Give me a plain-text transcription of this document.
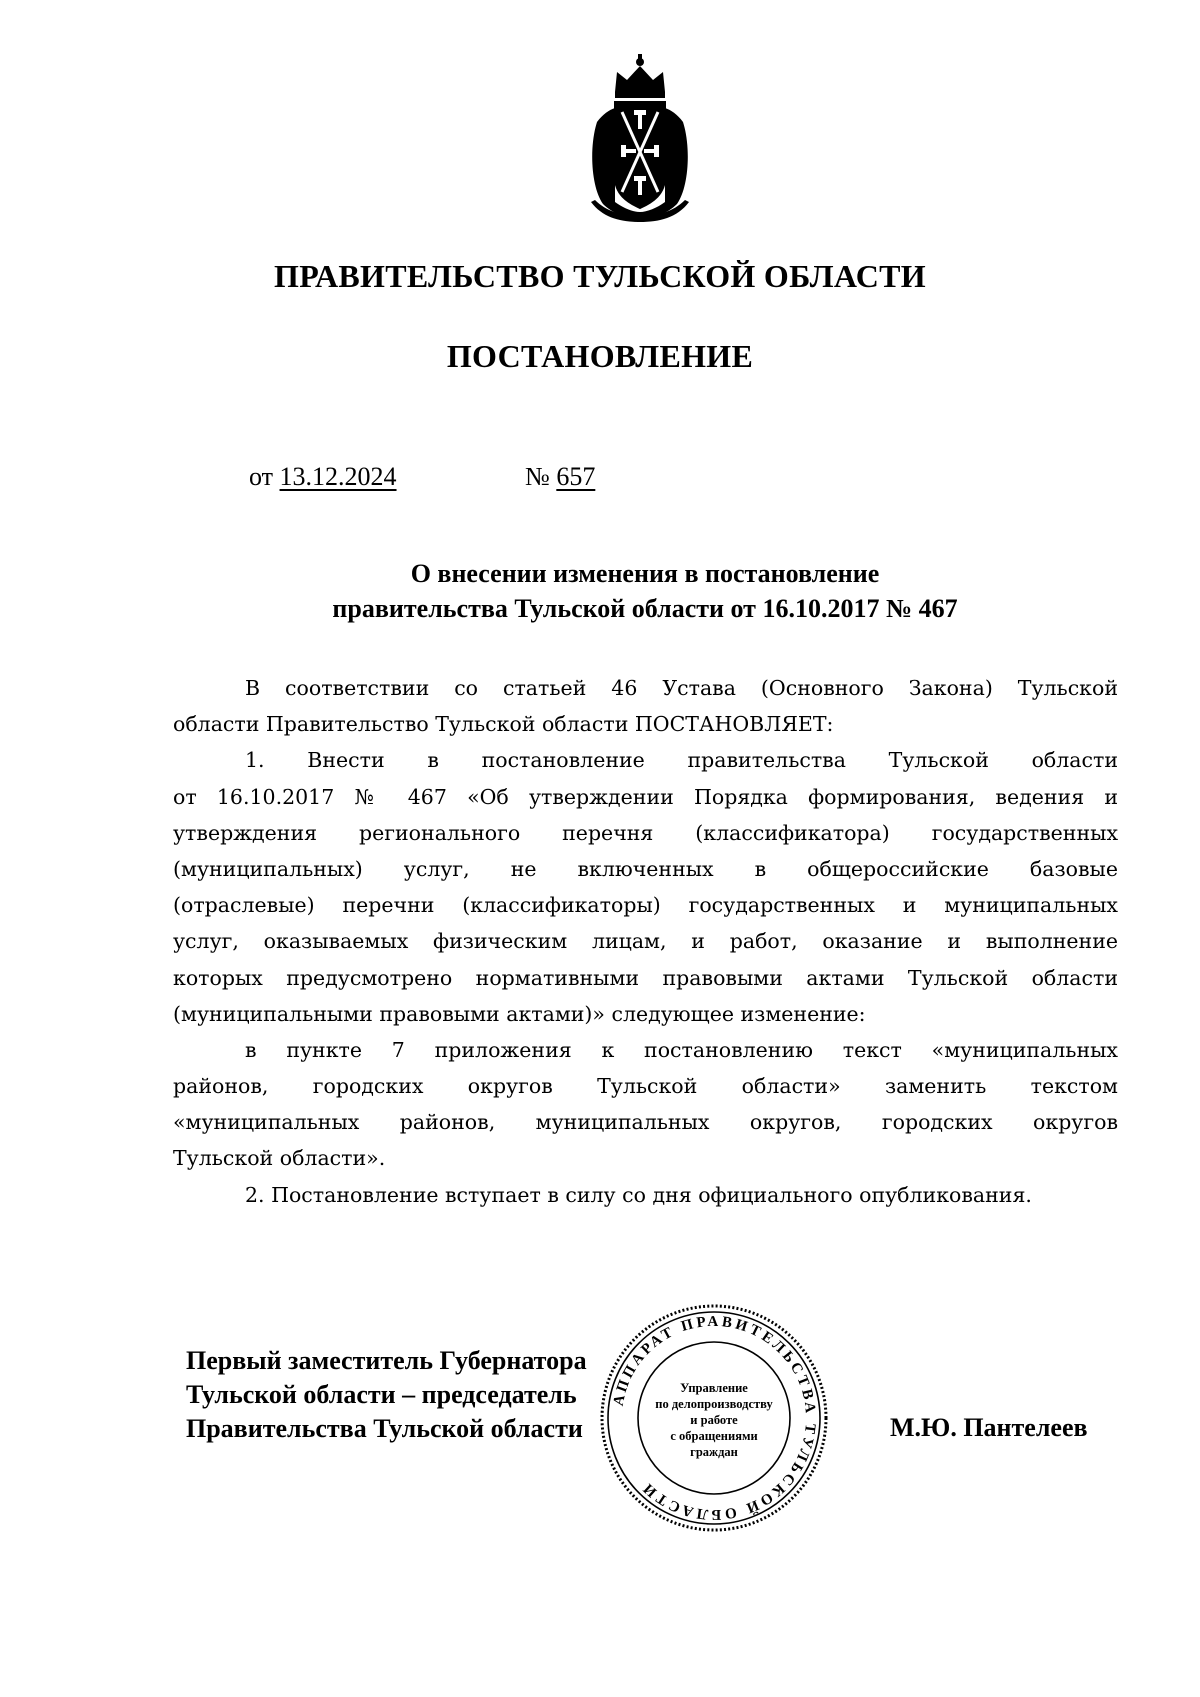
ПРАВИТЕЛЬСТВО ТУЛЬСКОЙ ОБЛАСТИ
ПОСТАНОВЛЕНИЕ
от 13.12.2024	№ 657
О внесении изменения в постановление
правительства Тульской области от 16.10.2017 № 467
В соответствии со статьей 46 Устава (Основного Закона) Тульской
области Правительство Тульской области ПОСТАНОВЛЯЕТ:
1. Внести в постановление правительства Тульской области
от 16.10.2017 № 467 «Об утверждении Порядка формирования, ведения и
утверждения регионального перечня (классификатора) государственных
(муниципальных) услуг, не включенных в общероссийские базовые
(отраслевые) перечни (классификаторы) государственных и муниципальных
услуг, оказываемых физическим лицам, и работ, оказание и выполнение
которых предусмотрено нормативными правовыми актами Тульской области
(муниципальными правовыми актами)» следующее изменение:
в пункте 7 приложения к постановлению текст «муниципальных
районов, городских округов Тульской области» заменить текстом
«муниципальных районов, муниципальных округов, городских округов
Тульской области».
2. Постановление вступает в силу со дня официального опубликования.
Первый заместитель Губернатора
Тульской области – председатель
Правительства Тульской области
АППАРАТ ПРАВИТЕЛЬСТВА ТУЛЬСКОЙ ОБЛАСТИ
Управление
по делопроизводству
и работе
с обращениями
граждан
М.Ю. Пантелеев
